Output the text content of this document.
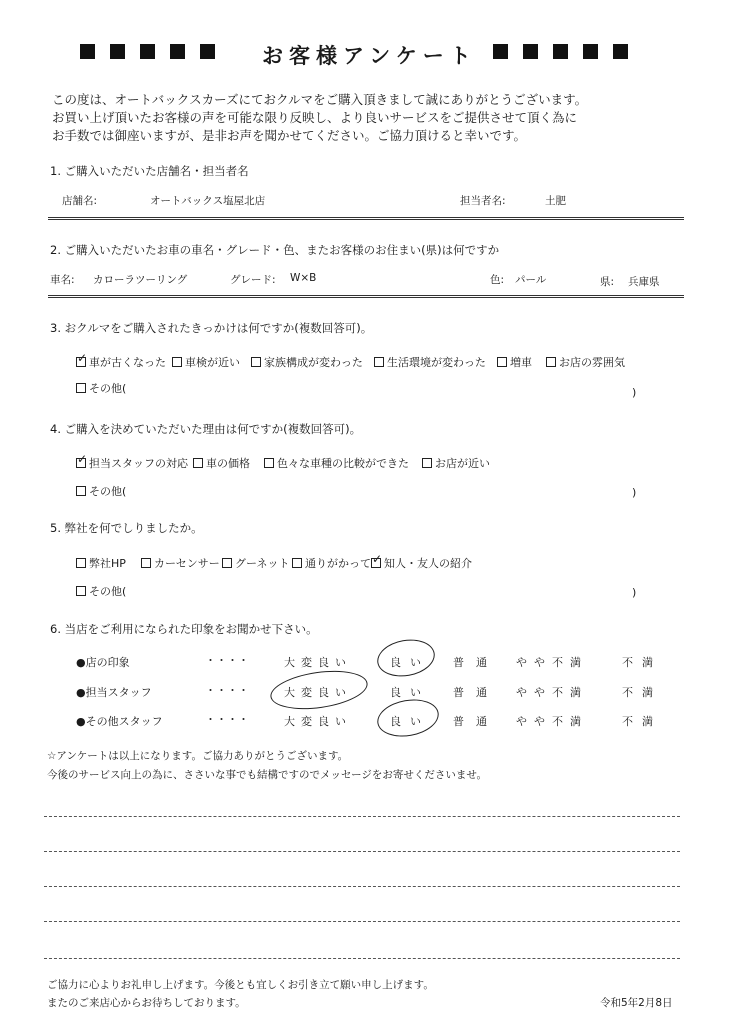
お客様アンケート
この度は、オートバックスカーズにておクルマをご購入頂きまして誠にありがとうございます。
お買い上げ頂いたお客様の声を可能な限り反映し、より良いサービスをご提供させて頂く為に
お手数では御座いますが、是非お声を聞かせてください。ご協力頂けると幸いです。
1. ご購入いただいた店舗名・担当者名
店舗名:	オートバックス塩屋北店	担当者名:	土肥
2. ご購入いただいたお車の車名・グレード・色、またお客様のお住まい(県)は何ですか
車名: カローラツーリング	グレード: W×B	色: パール	県: 兵庫県
3. おクルマをご購入されたきっかけは何ですか(複数回答可)。
✓車が古くなった	車検が近い	家族構成が変わった	生活環境が変わった	増車	お店の雰囲気
その他(	)
4. ご購入を決めていただいた理由は何ですか(複数回答可)。
✓担当スタッフの対応	車の価格	色々な車種の比較ができた	お店が近い
その他(	)
5. 弊社を何でしりましたか。
弊社HP	カーセンサー	グーネット	通りがかって ✓	知人・友人の紹介
その他(	)
6. 当店をご利用になられた印象をお聞かせ下さい。
●店の印象	・・・・	大変良い	良い 普通 やや不満	不満
●担当スタッフ	・・・・	大変良い	良い 普通 やや不満	不満
●その他スタッフ	・・・・	大変良い	良い 普通 やや不満	不満
☆アンケートは以上になります。ご協力ありがとうございます。
今後のサービス向上の為に、ささいな事でも結構ですのでメッセージをお寄せくださいませ。
ご協力に心よりお礼申し上げます。今後とも宜しくお引き立て願い申し上げます。
またのご来店心からお待ちしております。	令和5年2月8日
